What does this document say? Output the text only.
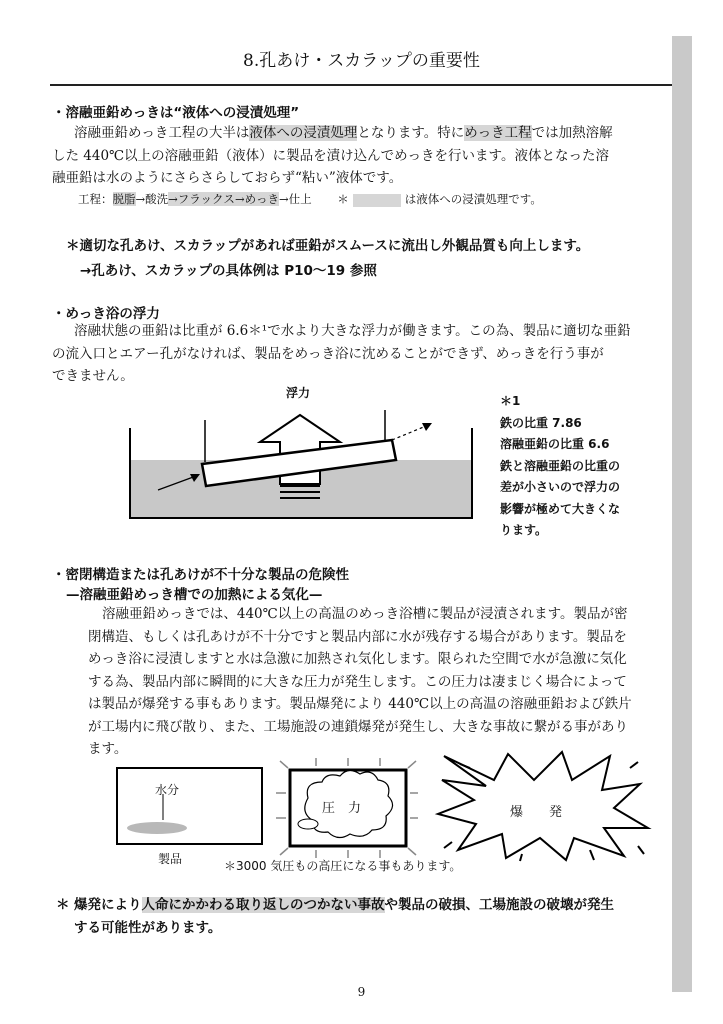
8.孔あけ・スカラップの重要性
・溶融亜鉛めっきは“液体への浸漬処理”
溶融亜鉛めっき工程の大半は液体への浸漬処理となります。特にめっき工程では加熱溶解
した 440℃以上の溶融亜鉛（液体）に製品を漬け込んでめっきを行います。液体となった溶
融亜鉛は水のようにさらさらしておらず“粘い”液体です。
工程：脱脂→酸洗→フラックス→めっき→仕上 ＊	は液体への浸漬処理です。
＊適切な孔あけ、スカラップがあれば亜鉛がスムースに流出し外観品質も向上します。
→孔あけ、スカラップの具体例は P10～19 参照
・めっき浴の浮力
溶融状態の亜鉛は比重が 6.6＊¹で水より大きな浮力が働きます。この為、製品に適切な亜鉛
の流入口とエアー孔がなければ、製品をめっき浴に沈めることができず、めっきを行う事が
できません。
浮力
＊1
鉄の比重 7.86
溶融亜鉛の比重 6.6
鉄と溶融亜鉛の比重の
差が小さいので浮力の
影響が極めて大きくな
ります。
・密閉構造または孔あけが不十分な製品の危険性
—溶融亜鉛めっき槽での加熱による気化—
溶融亜鉛めっきでは、440℃以上の高温のめっき浴槽に製品が浸漬されます。製品が密
閉構造、もしくは孔あけが不十分ですと製品内部に水が残存する場合があります。製品を
めっき浴に浸漬しますと水は急激に加熱され気化します。限られた空間で水が急激に気化
する為、製品内部に瞬間的に大きな圧力が発生します。この圧力は凄まじく場合によって
は製品が爆発する事もあります。製品爆発により 440℃以上の高温の溶融亜鉛および鉄片
が工場内に飛び散り、また、工場施設の連鎖爆発が発生し、大きな事故に繋がる事があり
ます。
水分
製品
圧　力	爆　　発
＊3000 気圧もの高圧になる事もあります。
＊ 爆発により人命にかかわる取り返しのつかない事故や製品の破損、工場施設の破壊が発生
する可能性があります。
9
